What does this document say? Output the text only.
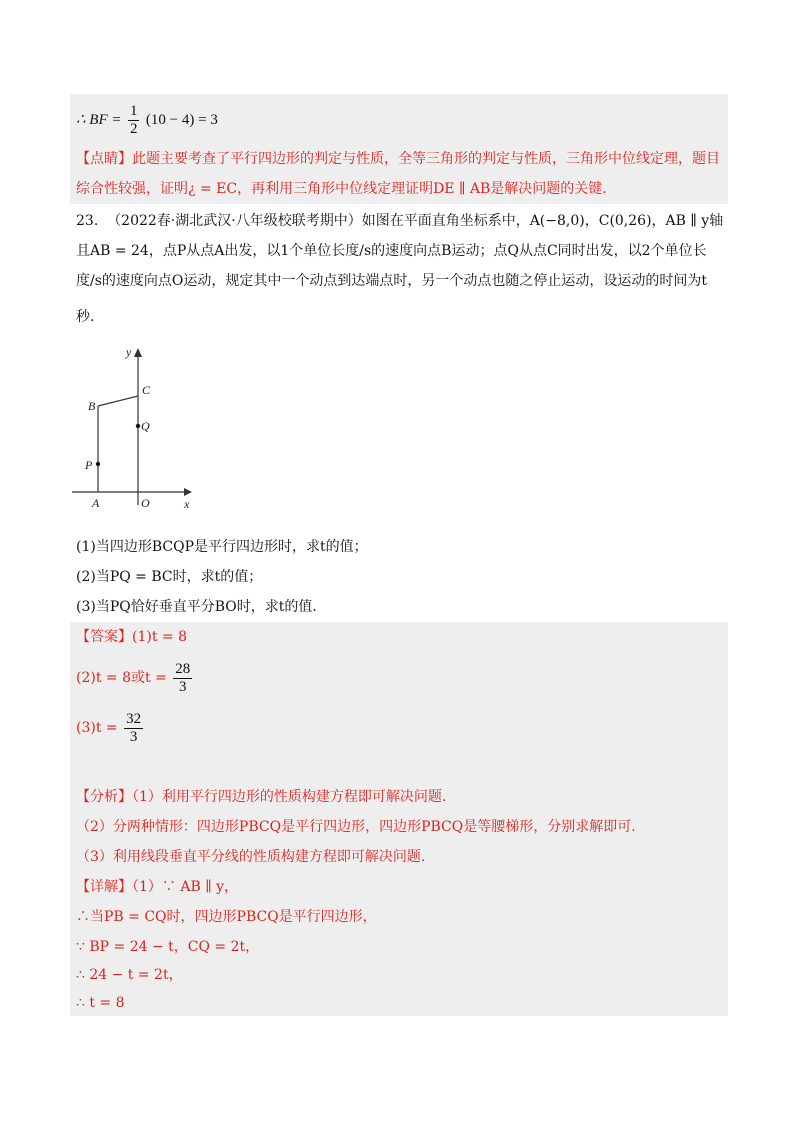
∴ BF = $\frac{1}{2} (10 - 4) = 3$
【点睛】此题主要考查了平行四边形的判定与性质，全等三角形的判定与性质，三角形中位线定理，题目
综合性较强，证明¿ = EC，再利用三角形中位线定理证明DE ∥ AB是解决问题的关键.
23. （2022春·湖北武汉·八年级校联考期中）如图在平面直角坐标系中，A(−8,0)，C(0,26)，AB ∥ y轴
且AB = 24，点P从点A出发，以1个单位长度/s的速度向点B运动；点Q从点C同时出发，以2个单位长
度/s的速度向点O运动，规定其中一个动点到达端点时，另一个动点也随之停止运动，设运动的时间为t
秒.
y
x
B
C
Q
P
A	O
(1)当四边形BCQP是平行四边形时，求t的值；
(2)当PQ = BC时，求t的值；
(3)当PQ恰好垂直平分BO时，求t的值.
【答案】(1)t = 8
(2)t = 8或$t = \frac{28}{3}$
$(3)t = \frac{32}{3}$
【分析】（1）利用平行四边形的性质构建方程即可解决问题.
（2）分两种情形：四边形PBCQ是平行四边形，四边形PBCQ是等腰梯形，分别求解即可.
（3）利用线段垂直平分线的性质构建方程即可解决问题.
【详解】（1）∵ AB ∥ y，
∴当PB = CQ时，四边形PBCQ是平行四边形，
∵ BP = 24 − t，CQ = 2t，
∴ 24 − t = 2t，
∴ t = 8
